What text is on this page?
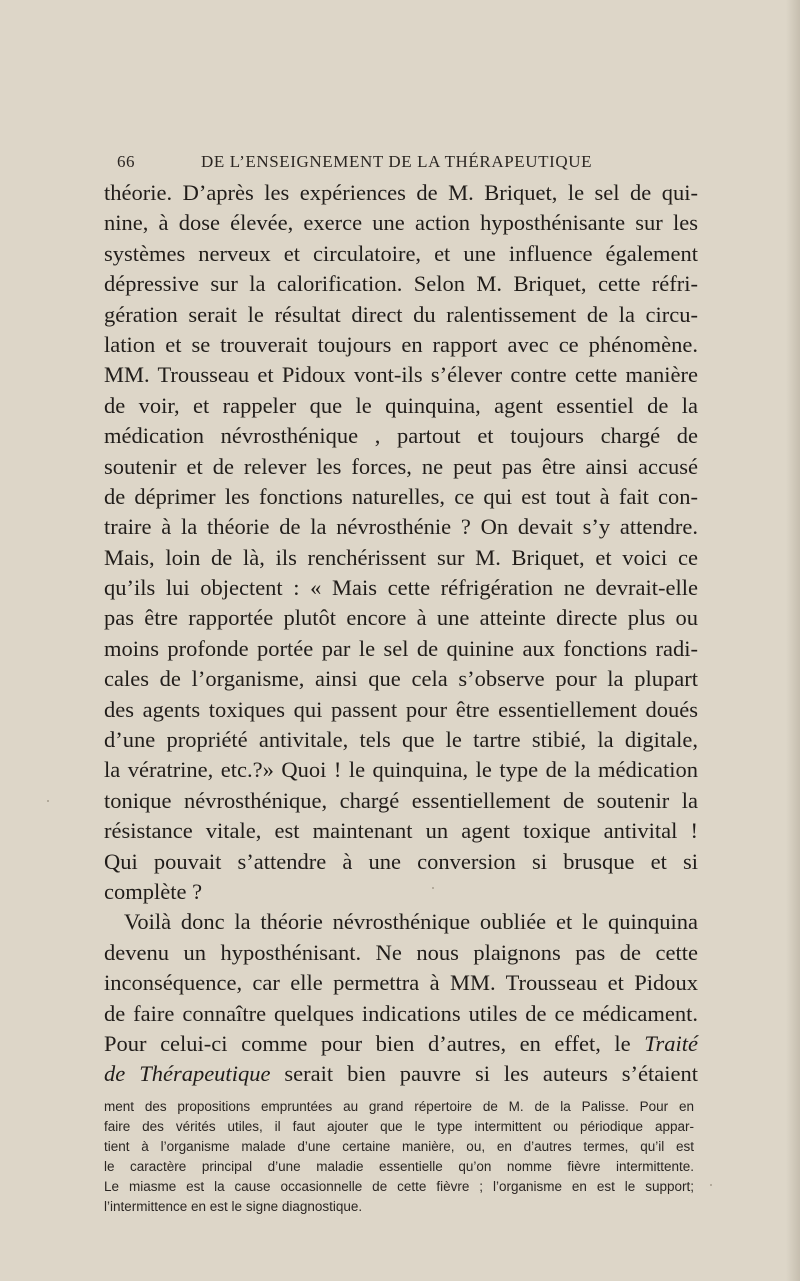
66	DE L’ENSEIGNEMENT DE LA THÉRAPEUTIQUE
théorie. D’après les expériences de M. Briquet, le sel de qui-
nine, à dose élevée, exerce une action hyposthénisante sur les
systèmes nerveux et circulatoire, et une influence également
dépressive sur la calorification. Selon M. Briquet, cette réfri-
gération serait le résultat direct du ralentissement de la circu-
lation et se trouverait toujours en rapport avec ce phénomène.
MM. Trousseau et Pidoux vont-ils s’élever contre cette manière
de voir, et rappeler que le quinquina, agent essentiel de la
médication névrosthénique , partout et toujours chargé de
soutenir et de relever les forces, ne peut pas être ainsi accusé
de déprimer les fonctions naturelles, ce qui est tout à fait con-
traire à la théorie de la névrosthénie ? On devait s’y attendre.
Mais, loin de là, ils renchérissent sur M. Briquet, et voici ce
qu’ils lui objectent : « Mais cette réfrigération ne devrait-elle
pas être rapportée plutôt encore à une atteinte directe plus ou
moins profonde portée par le sel de quinine aux fonctions radi-
cales de l’organisme, ainsi que cela s’observe pour la plupart
des agents toxiques qui passent pour être essentiellement doués
d’une propriété antivitale, tels que le tartre stibié, la digitale,
la vératrine, etc.?» Quoi ! le quinquina, le type de la médication
tonique névrosthénique, chargé essentiellement de soutenir la
résistance vitale, est maintenant un agent toxique antivital !
Qui pouvait s’attendre à une conversion si brusque et si
complète ?
Voilà donc la théorie névrosthénique oubliée et le quinquina
devenu un hyposthénisant. Ne nous plaignons pas de cette
inconséquence, car elle permettra à MM. Trousseau et Pidoux
de faire connaître quelques indications utiles de ce médicament.
Pour celui-ci comme pour bien d’autres, en effet, le Traité
de Thérapeutique serait bien pauvre si les auteurs s’étaient
ment des propositions empruntées au grand répertoire de M. de la Palisse. Pour en
faire des vérités utiles, il faut ajouter que le type intermittent ou périodique appar-
tient à l’organisme malade d’une certaine manière, ou, en d’autres termes, qu’il est
le caractère principal d’une maladie essentielle qu’on nomme fièvre intermittente.
Le miasme est la cause occasionnelle de cette fièvre ; l’organisme en est le support;
l’intermittence en est le signe diagnostique.
